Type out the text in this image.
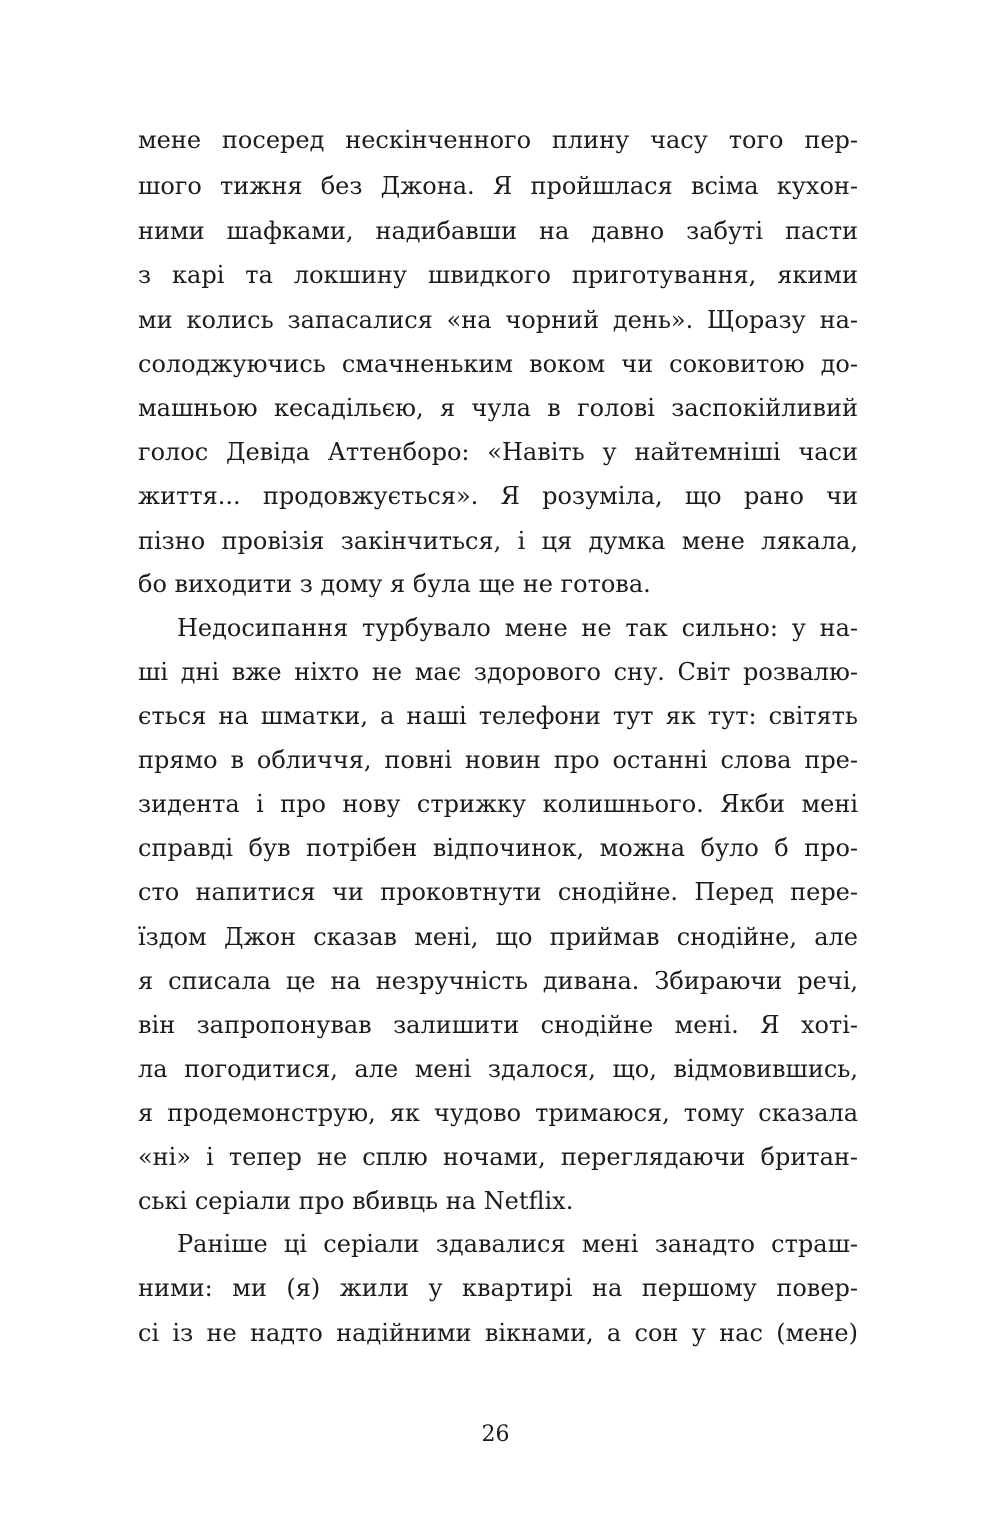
мене посеред нескінченного плину часу того пер-
шого тижня без Джона. Я пройшлася всіма кухон-
ними шафками, надибавши на давно забуті пасти
з карі та локшину швидкого приготування, якими
ми колись запасалися «на чорний день». Щоразу на-
солоджуючись смачненьким воком чи соковитою до-
машньою кесадільєю, я чула в голові заспокійливий
голос Девіда Аттенборо: «Навіть у найтемніші часи
життя... продовжується». Я розуміла, що рано чи
пізно провізія закінчиться, і ця думка мене лякала,
бо виходити з дому я була ще не готова.
Недосипання турбувало мене не так сильно: у на-
ші дні вже ніхто не має здорового сну. Світ розвалю-
ється на шматки, а наші телефони тут як тут: світять
прямо в обличчя, повні новин про останні слова пре-
зидента і про нову стрижку колишнього. Якби мені
справді був потрібен відпочинок, можна було б про-
сто напитися чи проковтнути снодійне. Перед пере-
їздом Джон сказав мені, що приймав снодійне, але
я списала це на незручність дивана. Збираючи речі,
він запропонував залишити снодійне мені. Я хоті-
ла погодитися, але мені здалося, що, відмовившись,
я продемонструю, як чудово тримаюся, тому сказала
«ні» і тепер не сплю ночами, переглядаючи британ-
ські серіали про вбивць на Netflix.
Раніше ці серіали здавалися мені занадто страш-
ними: ми (я) жили у квартирі на першому повер-
сі із не надто надійними вікнами, а сон у нас (мене)
26
